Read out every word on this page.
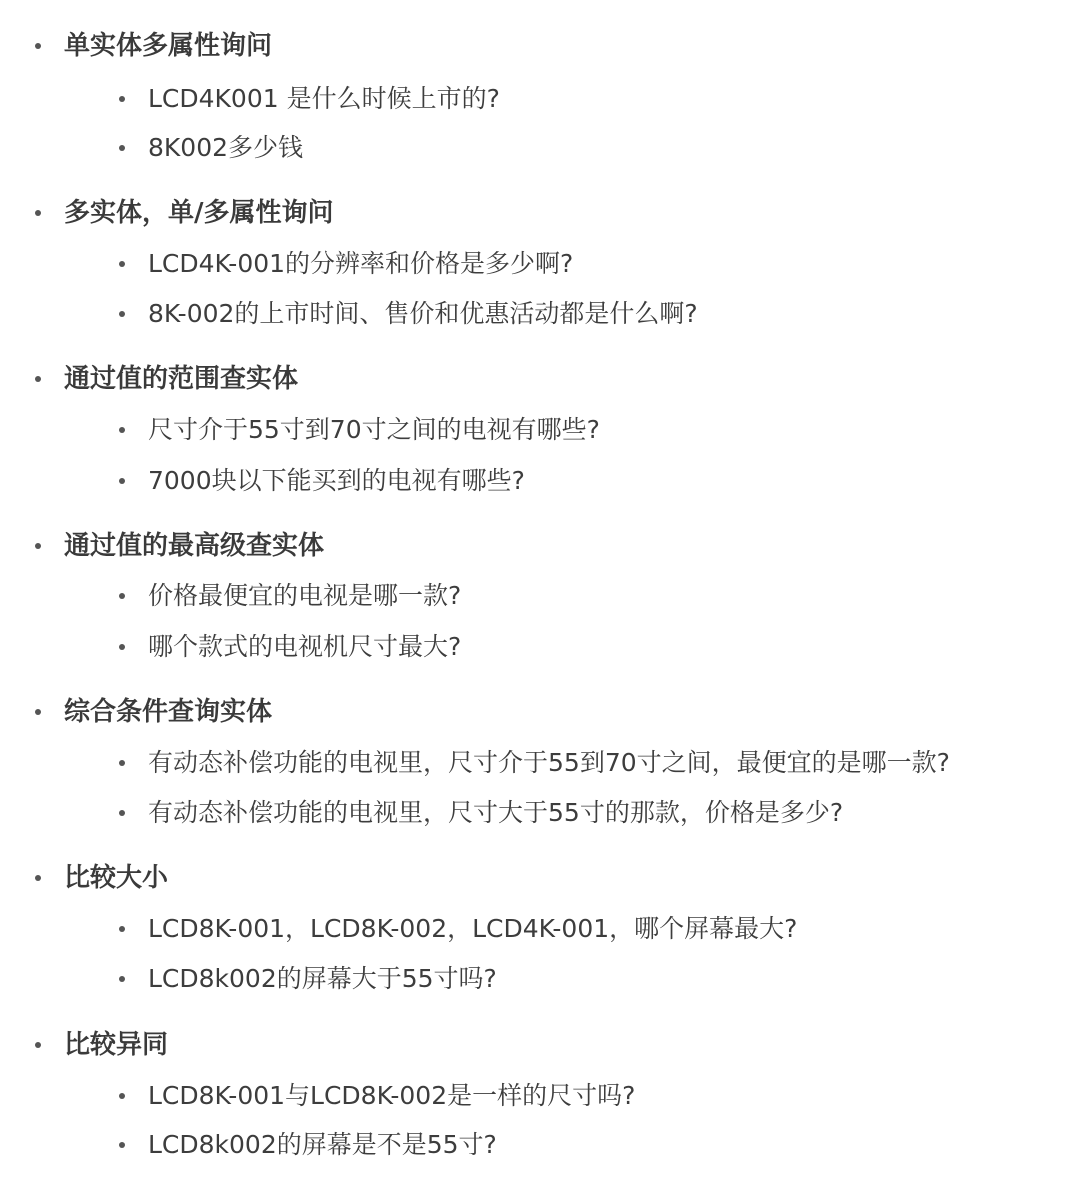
单实体多属性询问
LCD4K001 是什么时候上市的?
8K002多少钱
多实体，单/多属性询问
LCD4K-001的分辨率和价格是多少啊?
8K-002的上市时间、售价和优惠活动都是什么啊?
通过值的范围查实体
尺寸介于55寸到70寸之间的电视有哪些?
7000块以下能买到的电视有哪些?
通过值的最高级查实体
价格最便宜的电视是哪一款?
哪个款式的电视机尺寸最大?
综合条件查询实体
有动态补偿功能的电视里，尺寸介于55到70寸之间，最便宜的是哪一款?
有动态补偿功能的电视里，尺寸大于55寸的那款，价格是多少?
比较大小
LCD8K-001，LCD8K-002，LCD4K-001，哪个屏幕最大?
LCD8k002的屏幕大于55寸吗?
比较异同
LCD8K-001与LCD8K-002是一样的尺寸吗?
LCD8k002的屏幕是不是55寸?
